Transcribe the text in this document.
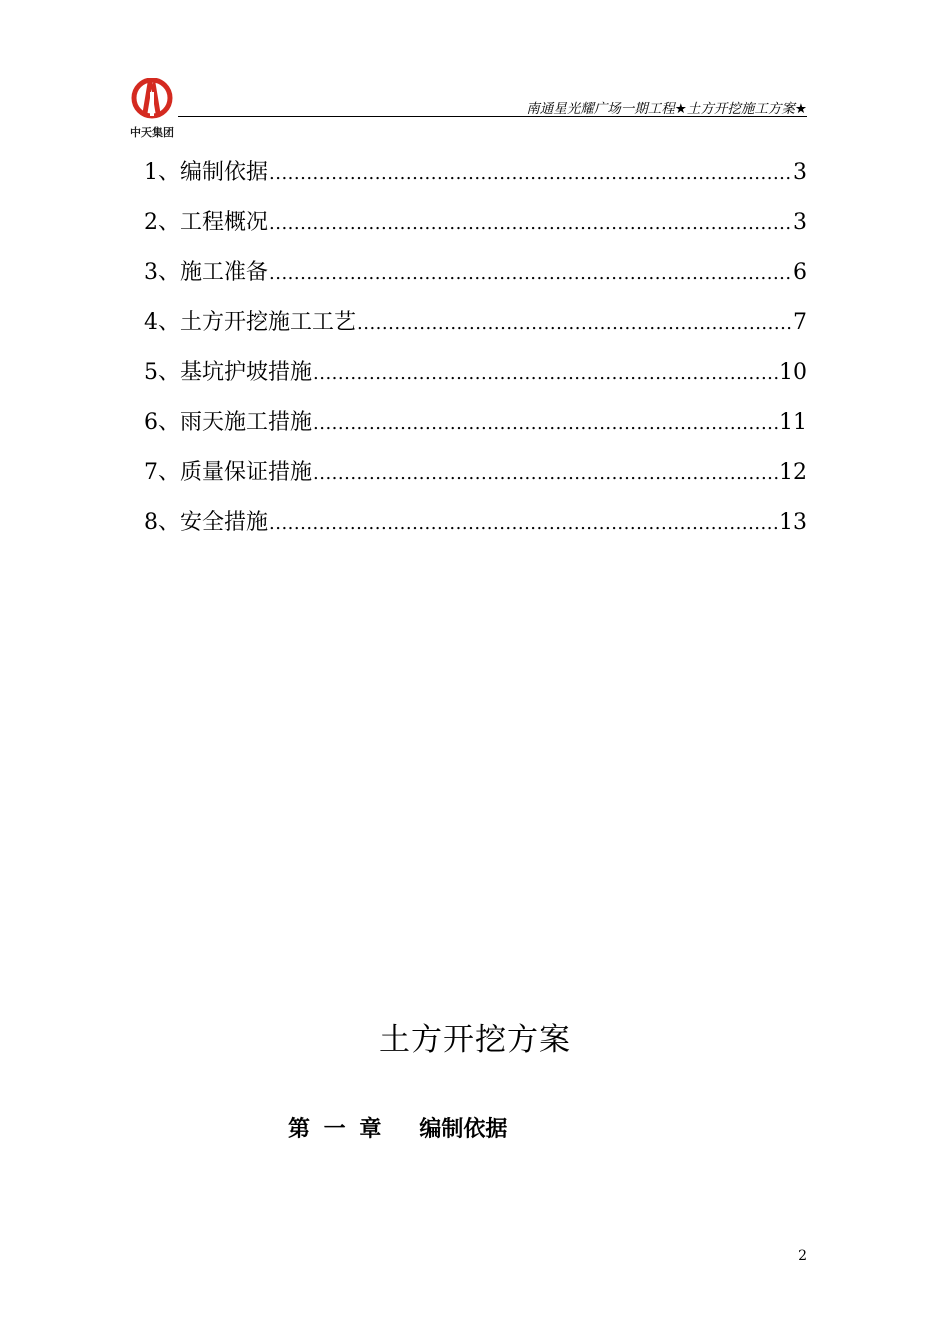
中天集团
南通星光耀广场一期工程★土方开挖施工方案★
1、编制依据 .....	3
2、工程概况 .....	3
3、施工准备 .....	6
4、土方开挖施工工艺 .....	7
5、基坑护坡措施 .....	10
6、雨天施工措施 .....	11
7、质量保证措施 .....	12
8、安全措施 .....	13
土方开挖方案
第 一 章 编制依据
2
